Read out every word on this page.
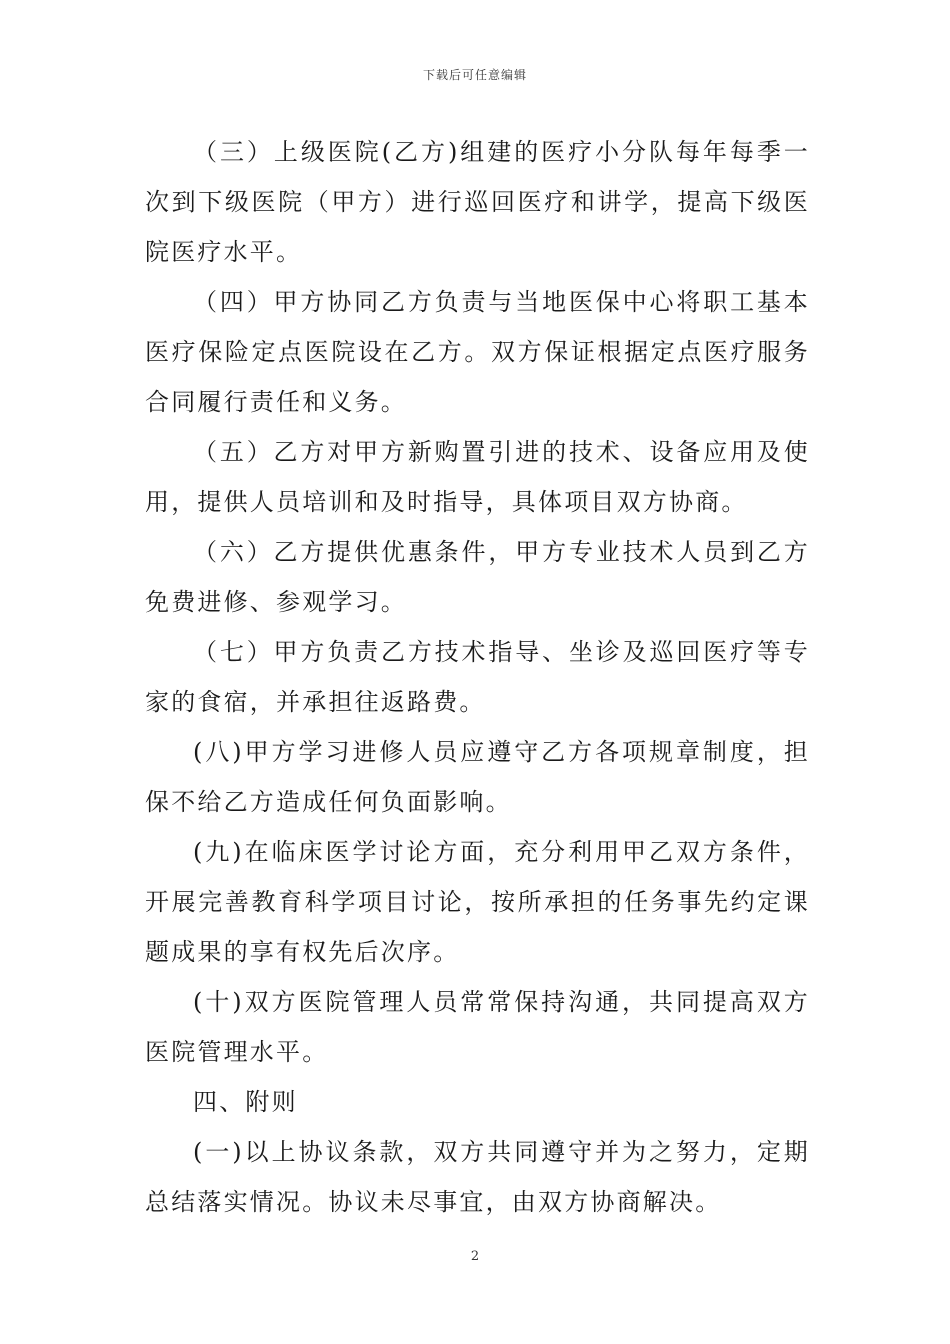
下载后可任意编辑

（三）上级医院(乙方)组建的医疗小分队每年每季一次到下级医院（甲方）进行巡回医疗和讲学，提高下级医院医疗水平。

（四）甲方协同乙方负责与当地医保中心将职工基本医疗保险定点医院设在乙方。双方保证根据定点医疗服务合同履行责任和义务。

（五）乙方对甲方新购置引进的技术、设备应用及使用，提供人员培训和及时指导，具体项目双方协商。

（六）乙方提供优惠条件，甲方专业技术人员到乙方免费进修、参观学习。

（七）甲方负责乙方技术指导、坐诊及巡回医疗等专家的食宿，并承担往返路费。

(八)甲方学习进修人员应遵守乙方各项规章制度，担保不给乙方造成任何负面影响。

(九)在临床医学讨论方面，充分利用甲乙双方条件，开展完善教育科学项目讨论，按所承担的任务事先约定课题成果的享有权先后次序。

(十)双方医院管理人员常常保持沟通，共同提高双方医院管理水平。

四、附则

(一)以上协议条款，双方共同遵守并为之努力，定期总结落实情况。协议未尽事宜，由双方协商解决。

2
